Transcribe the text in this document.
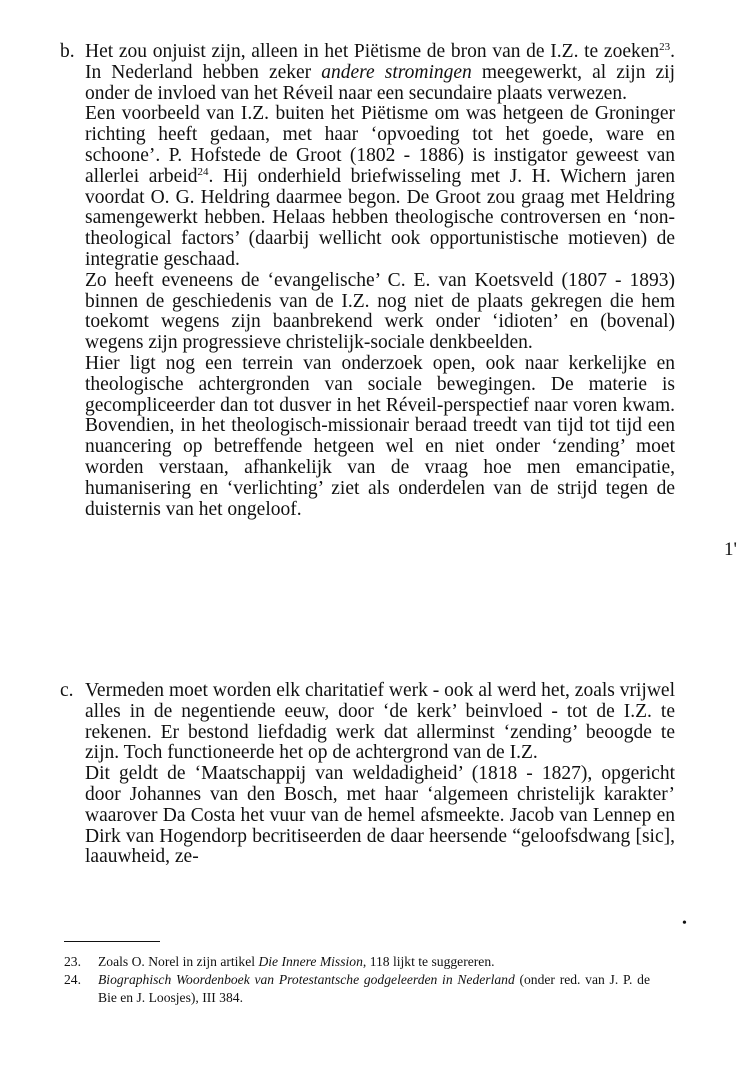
b. Het zou onjuist zijn, alleen in het Piëtisme de bron van de I.Z. te zoeken$^{23}$. In Nederland hebben zeker andere stromingen meegewerkt, al zijn zij onder de invloed van het Réveil naar een secundaire plaats verwezen.

Een voorbeeld van I.Z. buiten het Piëtisme om was hetgeen de Groninger richting heeft gedaan, met haar ‘opvoeding tot het goede, ware en schoone’. P. Hofstede de Groot (1802 - 1886) is instigator geweest van allerlei arbeid$^{24}$. Hij onderhield briefwisseling met J. H. Wichern jaren voordat O. G. Heldring daarmee begon. De Groot zou graag met Heldring samengewerkt hebben. Helaas hebben theologische controversen en ‘non-theological factors’ (daarbij wellicht ook opportunistische motieven) de integratie geschaad.

Zo heeft eveneens de ‘evangelische’ C. E. van Koetsveld (1807 - 1893) binnen de geschiedenis van de I.Z. nog niet de plaats gekregen die hem toekomt wegens zijn baanbrekend werk onder ‘idioten’ en (bovenal) wegens zijn progressieve christelijk-sociale denkbeelden.

Hier ligt nog een terrein van onderzoek open, ook naar kerkelijke en theologische achtergronden van sociale bewegingen. De materie is gecompliceerder dan tot dusver in het Réveil-perspectief naar voren kwam. Bovendien, in het theologisch-missionair beraad treedt van tijd tot tijd een nuancering op betreffende hetgeen wel en niet onder ‘zending’ moet worden verstaan, afhankelijk van de vraag hoe men emancipatie, humanisering en ‘verlichting’ ziet als onderdelen van de strijd tegen de duisternis van het ongeloof.

1'
c. Vermeden moet worden elk charitatief werk - ook al werd het, zoals vrijwel alles in de negentiende eeuw, door ‘de kerk’ beinvloed - tot de I.Z. te rekenen. Er bestond liefdadig werk dat allerminst ‘zending’ beoogde te zijn. Toch functioneerde het op de achtergrond van de I.Z.

Dit geldt de ‘Maatschappij van weldadigheid’ (1818 - 1827), opgericht door Johannes van den Bosch, met haar ‘algemeen christelijk karakter’ waarover Da Costa het vuur van de hemel afsmeekte. Jacob van Lennep en Dirk van Hogendorp becritiseerden de daar heersende “geloofsdwang [sic], laauwheid, ze-

•
23. Zoals O. Norel in zijn artikel Die Innere Mission, 118 lijkt te suggereren.
24. Biographisch Woordenboek van Protestantsche godgeleerden in Nederland (onder red. van J. P. de Bie en J. Loosjes), III 384.
